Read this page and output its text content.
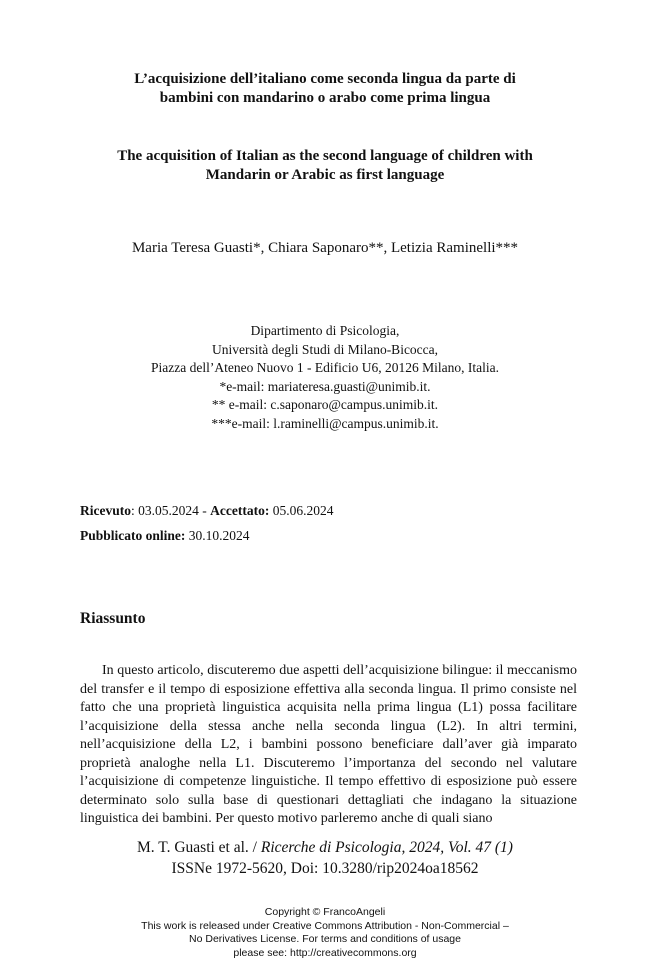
L’acquisizione dell’italiano come seconda lingua da parte di
bambini con mandarino o arabo come prima lingua
The acquisition of Italian as the second language of children with
Mandarin or Arabic as first language
Maria Teresa Guasti*, Chiara Saponaro**, Letizia Raminelli***
Dipartimento di Psicologia,
Università degli Studi di Milano-Bicocca,
Piazza dell’Ateneo Nuovo 1 - Edificio U6, 20126 Milano, Italia.
*e-mail: mariateresa.guasti@unimib.it.
** e-mail: c.saponaro@campus.unimib.it.
***e-mail: l.raminelli@campus.unimib.it.
Ricevuto: 03.05.2024 - Accettato: 05.06.2024
Pubblicato online: 30.10.2024
Riassunto

In questo articolo, discuteremo due aspetti dell’acquisizione bilingue: il meccanismo del transfer e il tempo di esposizione effettiva alla seconda lingua. Il primo consiste nel fatto che una proprietà linguistica acquisita nella prima lingua (L1) possa facilitare l’acquisizione della stessa anche nella seconda lingua (L2). In altri termini, nell’acquisizione della L2, i bambini possono beneficiare dall’aver già imparato proprietà analoghe nella L1. Discuteremo l’importanza del secondo nel valutare l’acquisizione di competenze linguistiche. Il tempo effettivo di esposizione può essere determinato solo sulla base di questionari dettagliati che indagano la situazione linguistica dei bambini. Per questo motivo parleremo anche di quali siano

M. T. Guasti et al. / Ricerche di Psicologia, 2024, Vol. 47 (1)
ISSNe 1972-5620, Doi: 10.3280/rip2024oa18562
Copyright © FrancoAngeli
This work is released under Creative Commons Attribution - Non-Commercial –
No Derivatives License. For terms and conditions of usage
please see: http://creativecommons.org
